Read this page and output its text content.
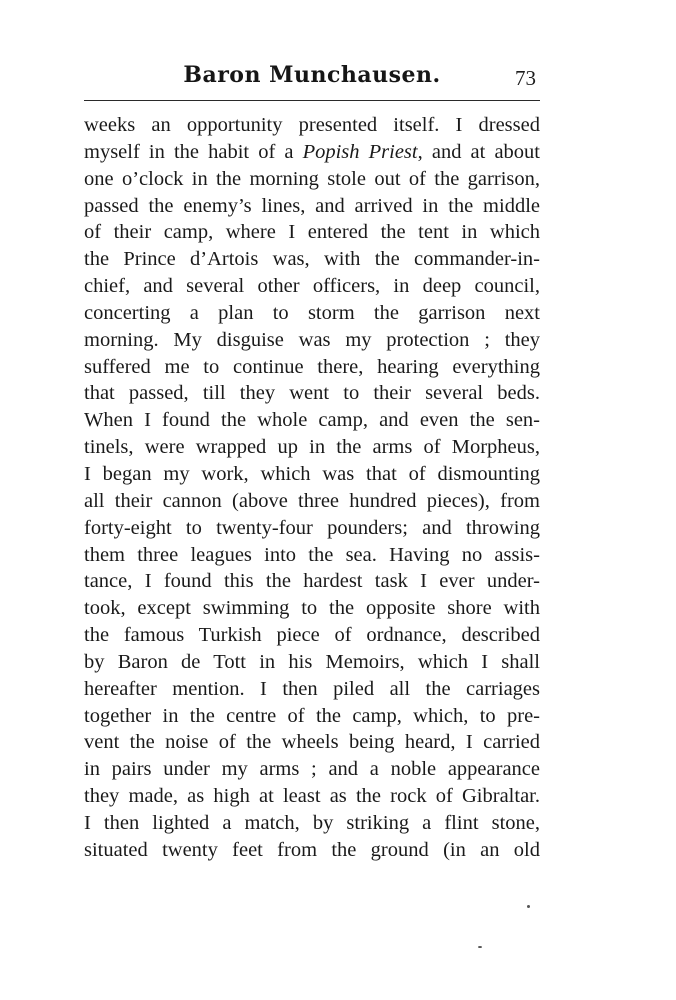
Baron Munchausen.	73
weeks an opportunity presented itself. I dressed
myself in the habit of a Popish Priest, and at about
one o’clock in the morning stole out of the garrison,
passed the enemy’s lines, and arrived in the middle
of their camp, where I entered the tent in which
the Prince d’Artois was, with the commander-in-
chief, and several other officers, in deep council,
concerting a plan to storm the garrison next
morning. My disguise was my protection ; they
suffered me to continue there, hearing everything
that passed, till they went to their several beds.
When I found the whole camp, and even the sen-
tinels, were wrapped up in the arms of Morpheus,
I began my work, which was that of dismounting
all their cannon (above three hundred pieces), from
forty-eight to twenty-four pounders; and throwing
them three leagues into the sea. Having no assis-
tance, I found this the hardest task I ever under-
took, except swimming to the opposite shore with
the famous Turkish piece of ordnance, described
by Baron de Tott in his Memoirs, which I shall
hereafter mention. I then piled all the carriages
together in the centre of the camp, which, to pre-
vent the noise of the wheels being heard, I carried
in pairs under my arms ; and a noble appearance
they made, as high at least as the rock of Gibraltar.
I then lighted a match, by striking a flint stone,
situated twenty feet from the ground (in an old
